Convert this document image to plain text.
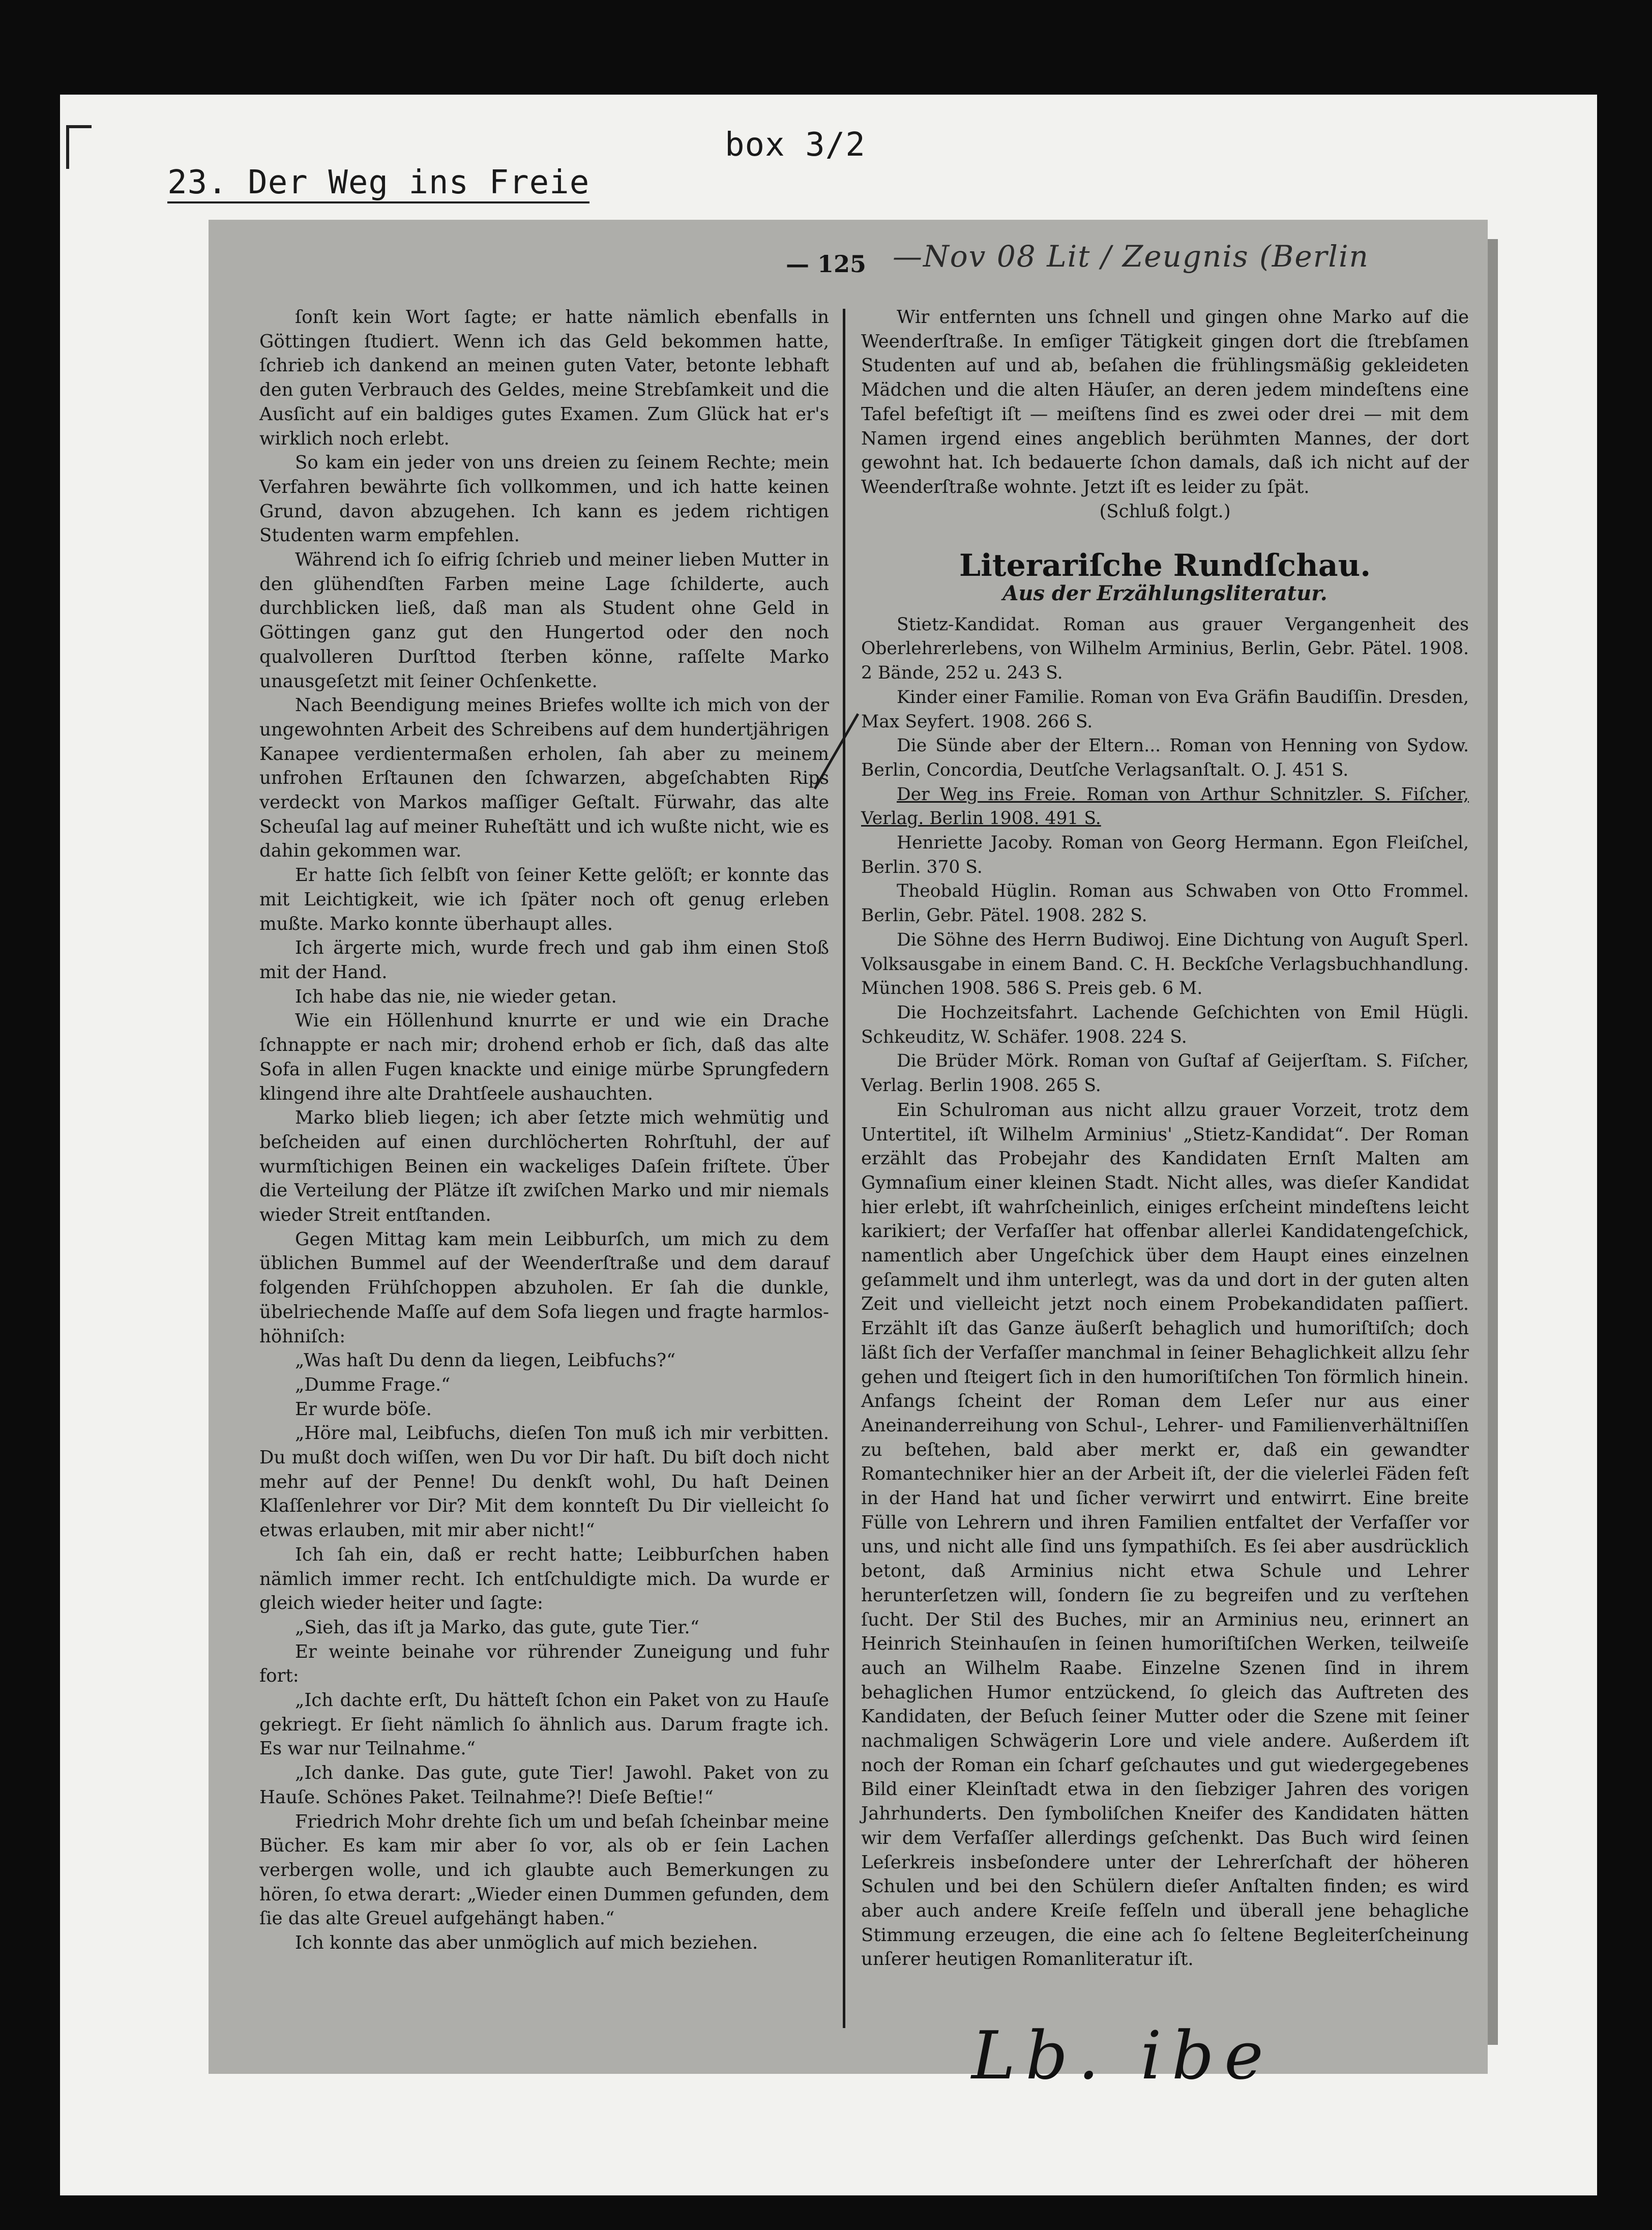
23. Der Weg ins Freie

box 3/2

— 125 —Nov 08 Lit / Zeugnis (Berlin

ſonſt kein Wort ſagte; er hatte nämlich ebenfalls in Göttingen ſtudiert. Wenn ich das Geld bekommen hatte, ſchrieb ich dankend an meinen guten Vater, betonte lebhaft den guten Verbrauch des Geldes, meine Strebſamkeit und die Ausſicht auf ein baldiges gutes Examen. Zum Glück hat er's wirklich noch erlebt.

So kam ein jeder von uns dreien zu ſeinem Rechte; mein Verfahren bewährte ſich vollkommen, und ich hatte keinen Grund, davon abzugehen. Ich kann es jedem richtigen Studenten warm empfehlen.

Während ich ſo eifrig ſchrieb und meiner lieben Mutter in den glühendſten Farben meine Lage ſchilderte, auch durchblicken ließ, daß man als Student ohne Geld in Göttingen ganz gut den Hungertod oder den noch qualvolleren Durſttod ſterben könne, raſſelte Marko unausgeſetzt mit ſeiner Ochſenkette.

Nach Beendigung meines Briefes wollte ich mich von der ungewohnten Arbeit des Schreibens auf dem hundertjährigen Kanapee verdientermaßen erholen, ſah aber zu meinem unfrohen Erſtaunen den ſchwarzen, abgeſchabten Rips verdeckt von Markos maſſiger Geſtalt. Fürwahr, das alte Scheuſal lag auf meiner Ruheſtätt und ich wußte nicht, wie es dahin gekommen war.

Er hatte ſich ſelbſt von ſeiner Kette gelöſt; er konnte das mit Leichtigkeit, wie ich ſpäter noch oft genug erleben mußte. Marko konnte überhaupt alles.

Ich ärgerte mich, wurde frech und gab ihm einen Stoß mit der Hand.

Ich habe das nie, nie wieder getan.

Wie ein Höllenhund knurrte er und wie ein Drache ſchnappte er nach mir; drohend erhob er ſich, daß das alte Sofa in allen Fugen knackte und einige mürbe Sprungfedern klingend ihre alte Drahtſeele aushauchten.

Marko blieb liegen; ich aber ſetzte mich wehmütig und beſcheiden auf einen durchlöcherten Rohrſtuhl, der auf wurmſtichigen Beinen ein wackeliges Daſein friſtete. Über die Verteilung der Plätze iſt zwiſchen Marko und mir niemals wieder Streit entſtanden.

Gegen Mittag kam mein Leibburſch, um mich zu dem üblichen Bummel auf der Weenderſtraße und dem darauf folgenden Frühſchoppen abzuholen. Er ſah die dunkle, übelriechende Maſſe auf dem Sofa liegen und fragte harmlos-höhniſch:

„Was haſt Du denn da liegen, Leibfuchs?“

„Dumme Frage.“

Er wurde böſe.

„Höre mal, Leibfuchs, dieſen Ton muß ich mir verbitten. Du mußt doch wiſſen, wen Du vor Dir haſt. Du biſt doch nicht mehr auf der Penne! Du denkſt wohl, Du haſt Deinen Klaſſenlehrer vor Dir? Mit dem konnteſt Du Dir vielleicht ſo etwas erlauben, mit mir aber nicht!“

Ich ſah ein, daß er recht hatte; Leibburſchen haben nämlich immer recht. Ich entſchuldigte mich. Da wurde er gleich wieder heiter und ſagte:

„Sieh, das iſt ja Marko, das gute, gute Tier.“

Er weinte beinahe vor rührender Zuneigung und fuhr fort:

„Ich dachte erſt, Du hätteſt ſchon ein Paket von zu Hauſe gekriegt. Er ſieht nämlich ſo ähnlich aus. Darum fragte ich. Es war nur Teilnahme.“

„Ich danke. Das gute, gute Tier! Jawohl. Paket von zu Hauſe. Schönes Paket. Teilnahme?! Dieſe Beſtie!“

Friedrich Mohr drehte ſich um und beſah ſcheinbar meine Bücher. Es kam mir aber ſo vor, als ob er ſein Lachen verbergen wolle, und ich glaubte auch Bemerkungen zu hören, ſo etwa derart: „Wieder einen Dummen gefunden, dem ſie das alte Greuel aufgehängt haben.“

Ich konnte das aber unmöglich auf mich beziehen.

Wir entfernten uns ſchnell und gingen ohne Marko auf die Weenderſtraße. In emſiger Tätigkeit gingen dort die ſtrebſamen Studenten auf und ab, beſahen die frühlingsmäßig gekleideten Mädchen und die alten Häuſer, an deren jedem mindeſtens eine Tafel befeſtigt iſt — meiſtens ſind es zwei oder drei — mit dem Namen irgend eines angeblich berühmten Mannes, der dort gewohnt hat. Ich bedauerte ſchon damals, daß ich nicht auf der Weenderſtraße wohnte. Jetzt iſt es leider zu ſpät.

(Schluß folgt.)

Literariſche Rundſchau.
Aus der Erzählungsliteratur.

Stietz-Kandidat. Roman aus grauer Vergangenheit des Oberlehrerlebens, von Wilhelm Arminius, Berlin, Gebr. Pätel. 1908. 2 Bände, 252 u. 243 S.

Kinder einer Familie. Roman von Eva Gräfin Baudiſſin. Dresden, Max Seyfert. 1908. 266 S.

Die Sünde aber der Eltern... Roman von Henning von Sydow. Berlin, Concordia, Deutſche Verlagsanſtalt. O. J. 451 S.

Der Weg ins Freie. Roman von Arthur Schnitzler. S. Fiſcher, Verlag. Berlin 1908. 491 S.

Henriette Jacoby. Roman von Georg Hermann. Egon Fleiſchel, Berlin. 370 S.

Theobald Hüglin. Roman aus Schwaben von Otto Frommel. Berlin, Gebr. Pätel. 1908. 282 S.

Die Söhne des Herrn Budiwoj. Eine Dichtung von Auguſt Sperl. Volksausgabe in einem Band. C. H. Beckſche Verlagsbuchhandlung. München 1908. 586 S. Preis geb. 6 M.

Die Hochzeitsfahrt. Lachende Geſchichten von Emil Hügli. Schkeuditz, W. Schäfer. 1908. 224 S.

Die Brüder Mörk. Roman von Guſtaf af Geijerſtam. S. Fiſcher, Verlag. Berlin 1908. 265 S.

Ein Schulroman aus nicht allzu grauer Vorzeit, trotz dem Untertitel, iſt Wilhelm Arminius' „Stietz-Kandidat“. Der Roman erzählt das Probejahr des Kandidaten Ernſt Malten am Gymnaſium einer kleinen Stadt. Nicht alles, was dieſer Kandidat hier erlebt, iſt wahrſcheinlich, einiges erſcheint mindeſtens leicht karikiert; der Verfaſſer hat offenbar allerlei Kandidatengeſchick, namentlich aber Ungeſchick über dem Haupt eines einzelnen geſammelt und ihm unterlegt, was da und dort in der guten alten Zeit und vielleicht jetzt noch einem Probekandidaten paſſiert. Erzählt iſt das Ganze äußerſt behaglich und humoriſtiſch; doch läßt ſich der Verfaſſer manchmal in ſeiner Behaglichkeit allzu ſehr gehen und ſteigert ſich in den humoriſtiſchen Ton förmlich hinein. Anfangs ſcheint der Roman dem Leſer nur aus einer Aneinanderreihung von Schul-, Lehrer- und Familienverhältniſſen zu beſtehen, bald aber merkt er, daß ein gewandter Romantechniker hier an der Arbeit iſt, der die vielerlei Fäden feſt in der Hand hat und ſicher verwirrt und entwirrt. Eine breite Fülle von Lehrern und ihren Familien entfaltet der Verfaſſer vor uns, und nicht alle ſind uns ſympathiſch. Es ſei aber ausdrücklich betont, daß Arminius nicht etwa Schule und Lehrer herunterſetzen will, ſondern ſie zu begreifen und zu verſtehen ſucht. Der Stil des Buches, mir an Arminius neu, erinnert an Heinrich Steinhauſen in ſeinen humoriſtiſchen Werken, teilweiſe auch an Wilhelm Raabe. Einzelne Szenen ſind in ihrem behaglichen Humor entzückend, ſo gleich das Auftreten des Kandidaten, der Beſuch ſeiner Mutter oder die Szene mit ſeiner nachmaligen Schwägerin Lore und viele andere. Außerdem iſt noch der Roman ein ſcharf geſchautes und gut wiedergegebenes Bild einer Kleinſtadt etwa in den ſiebziger Jahren des vorigen Jahrhunderts. Den ſymboliſchen Kneifer des Kandidaten hätten wir dem Verfaſſer allerdings geſchenkt. Das Buch wird ſeinen Leſerkreis insbeſondere unter der Lehrerſchaft der höheren Schulen und bei den Schülern dieſer Anſtalten finden; es wird aber auch andere Kreiſe feſſeln und überall jene behagliche Stimmung erzeugen, die eine ach ſo ſeltene Begleiterſcheinung unſerer heutigen Romanliteratur iſt.

Lb. ibe
